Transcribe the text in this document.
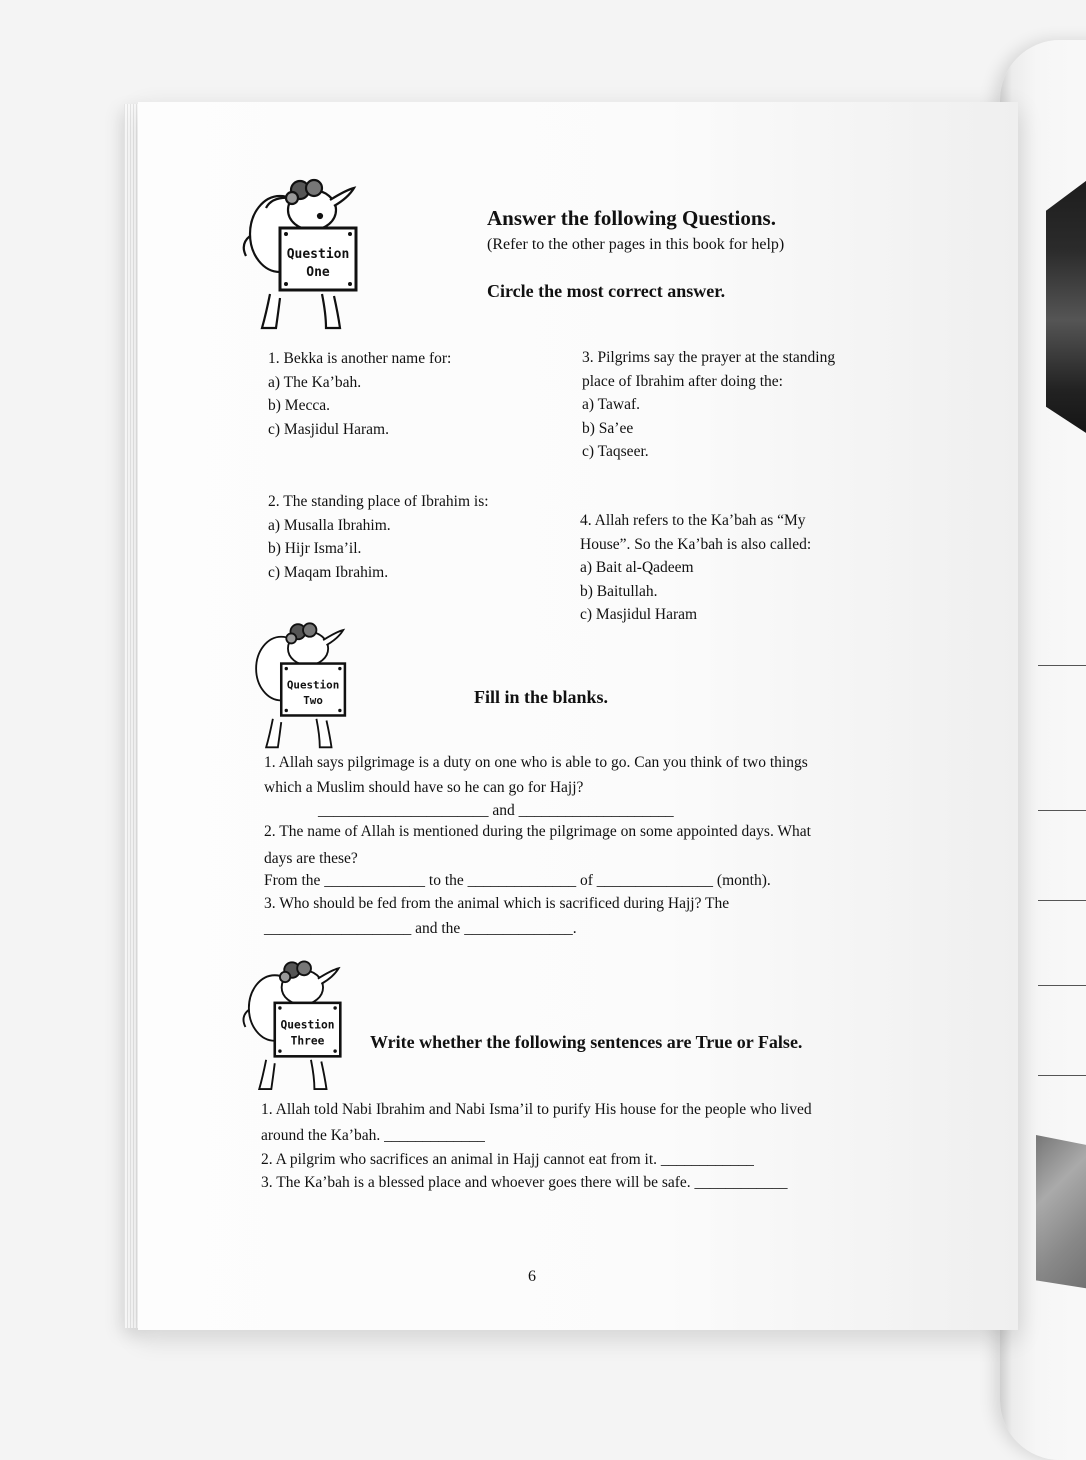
Question
One
Answer the following Questions.
(Refer to the other pages in this book for help)
Circle the most correct answer.
1. Bekka is another name for:
a) The Ka’bah.
b) Mecca.
c) Masjidul Haram.
2. The standing place of Ibrahim is:
a) Musalla Ibrahim.
b) Hijr Isma’il.
c) Maqam Ibrahim.
3. Pilgrims say the prayer at the standing
place of Ibrahim after doing the:
a) Tawaf.
b) Sa’ee
c) Taqseer.
4. Allah refers to the Ka’bah as “My
House”. So the Ka’bah is also called:
a) Bait al-Qadeem
b) Baitullah.
c) Masjidul Haram
Question
Two	Fill in the blanks.
1. Allah says pilgrimage is a duty on one who is able to go. Can you think of two things
which a Muslim should have so he can go for Hajj?
______________________ and ____________________
2. The name of Allah is mentioned during the pilgrimage on some appointed days. What
days are these?
From the _____________ to the ______________ of _______________ (month).
3. Who should be fed from the animal which is sacrificed during Hajj? The
___________________ and the ______________.
Question
Three	Write whether the following sentences are True or False.
1. Allah told Nabi Ibrahim and Nabi Isma’il to purify His house for the people who lived
around the Ka’bah. _____________
2. A pilgrim who sacrifices an animal in Hajj cannot eat from it. ____________
3. The Ka’bah is a blessed place and whoever goes there will be safe. ____________
6
